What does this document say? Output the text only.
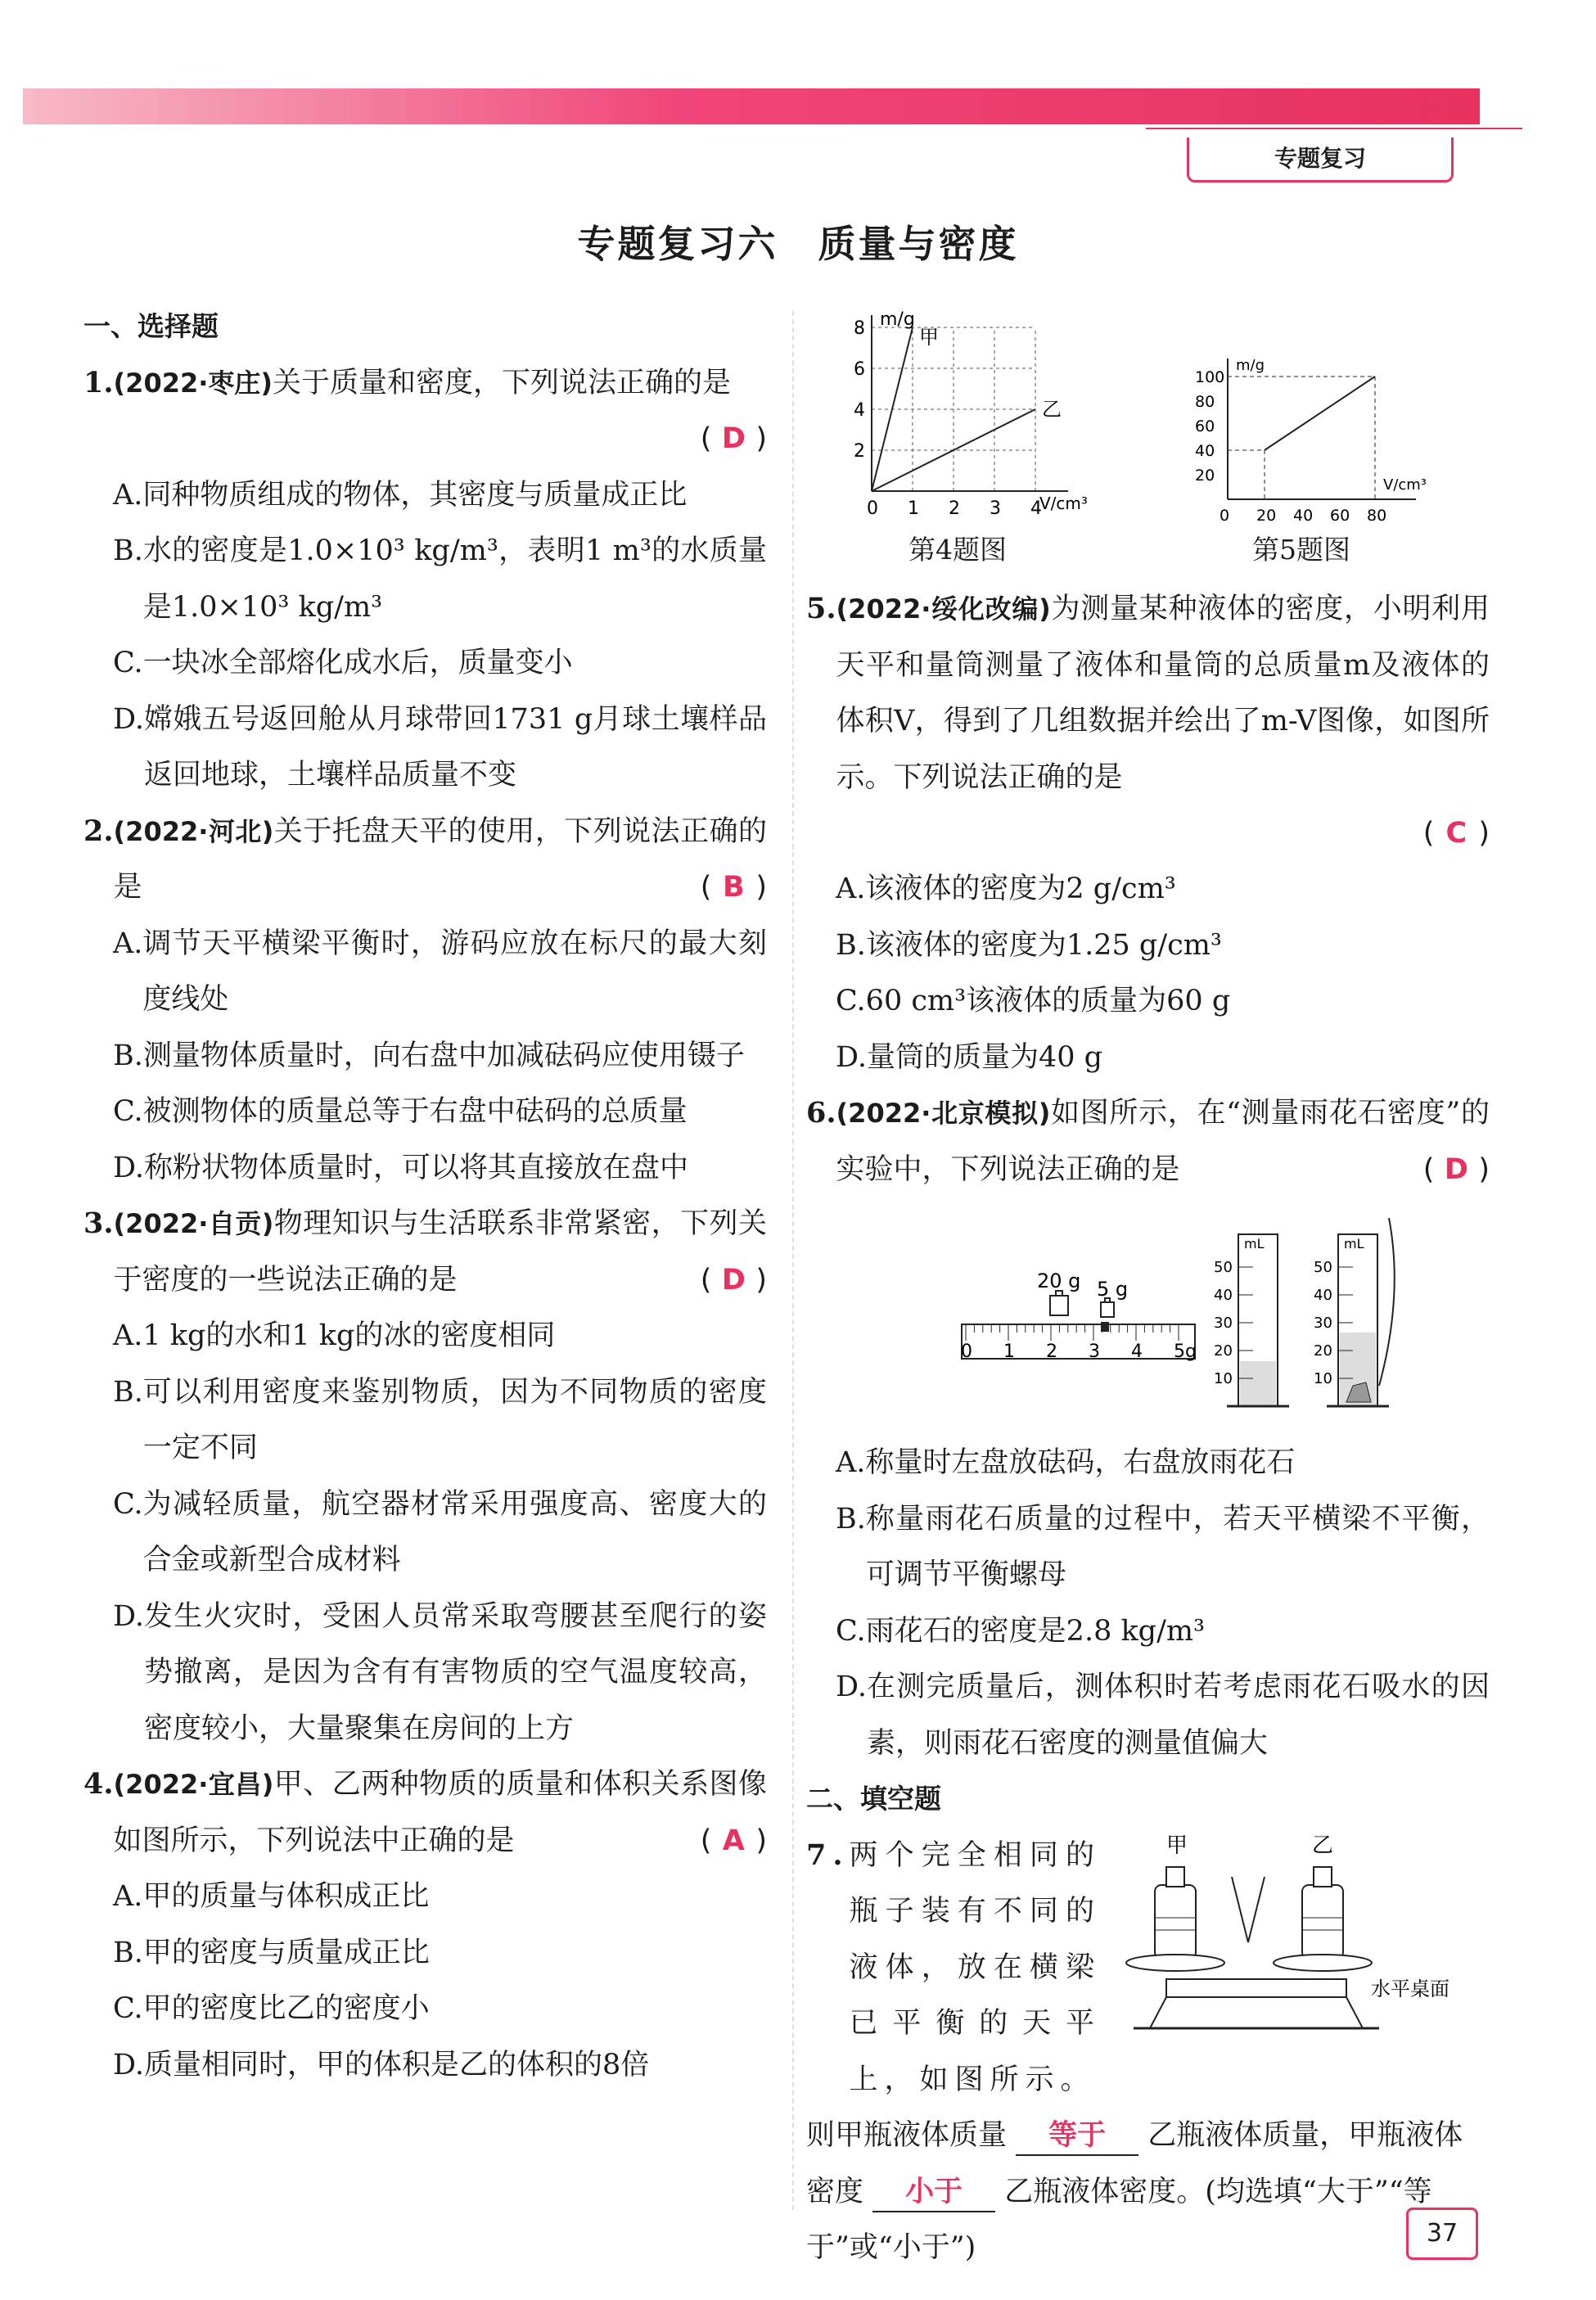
›››
专题复习
专题复习六　质量与密度
一、选择题
1. (2022·枣庄)关于质量和密度，下列说法正确的是
( D )
A. 同种物质组成的物体，其密度与质量成正比
B. 水的密度是1.0×10³ kg/m³，表明1 m³的水质量是1.0×10³ kg/m³
C. 一块冰全部熔化成水后，质量变小
D. 嫦娥五号返回舱从月球带回1731 g月球土壤样品返回地球，土壤样品质量不变
2. (2022·河北)关于托盘天平的使用，下列说法正确的是	( B )
A. 调节天平横梁平衡时，游码应放在标尺的最大刻度线处
B. 测量物体质量时，向右盘中加减砝码应使用镊子
C. 被测物体的质量总等于右盘中砝码的总质量
D. 称粉状物体质量时，可以将其直接放在盘中
3. (2022·自贡)物理知识与生活联系非常紧密，下列关于密度的一些说法正确的是	( D )
A. 1 kg的水和1 kg的冰的密度相同
B. 可以利用密度来鉴别物质，因为不同物质的密度一定不同
C. 为减轻质量，航空器材常采用强度高、密度大的合金或新型合成材料
D. 发生火灾时，受困人员常采取弯腰甚至爬行的姿势撤离，是因为含有有害物质的空气温度较高，密度较小，大量聚集在房间的上方
4. (2022·宜昌)甲、乙两种物质的质量和体积关系图像如图所示，下列说法中正确的是	( A )
A. 甲的质量与体积成正比
B. 甲的密度与质量成正比
C. 甲的密度比乙的密度小
D. 质量相同时，甲的体积是乙的体积的8倍
m/g
V/cm³
2
4
6
8
0 1 2 3 4
甲
乙
第4题图
m/g
V/cm³
20
40
60
80
100
0 20 40 60 80
第5题图
5. (2022·绥化改编)为测量某种液体的密度，小明利用天平和量筒测量了液体和量筒的总质量m及液体的体积V，得到了几组数据并绘出了m-V图像，如图所示。下列说法正确的是
( C )
A. 该液体的密度为2 g/cm³
B. 该液体的密度为1.25 g/cm³
C. 60 cm³该液体的质量为60 g
D. 量筒的质量为40 g
6. (2022·北京模拟)如图所示，在“测量雨花石密度”的实验中，下列说法正确的是	( D )
20 g 5 g
0 1 2 3 4 5g
mL
50
40
30
20
10
mL
50
40
30
20
10
A. 称量时左盘放砝码，右盘放雨花石
B. 称量雨花石质量的过程中，若天平横梁不平衡，可调节平衡螺母
C. 雨花石的密度是2.8 kg/m³
D. 在测完质量后，测体积时若考虑雨花石吸水的因素，则雨花石密度的测量值偏大
二、填空题
7. 两个完全相同的瓶子装有不同的液体，放在横梁已平衡的天平上，如图所示。
甲	乙
水平桌面
则甲瓶液体质量 等于 乙瓶液体质量，甲瓶液体密度 小于 乙瓶液体密度。(均选填“大于”“等于”或“小于”)	37
